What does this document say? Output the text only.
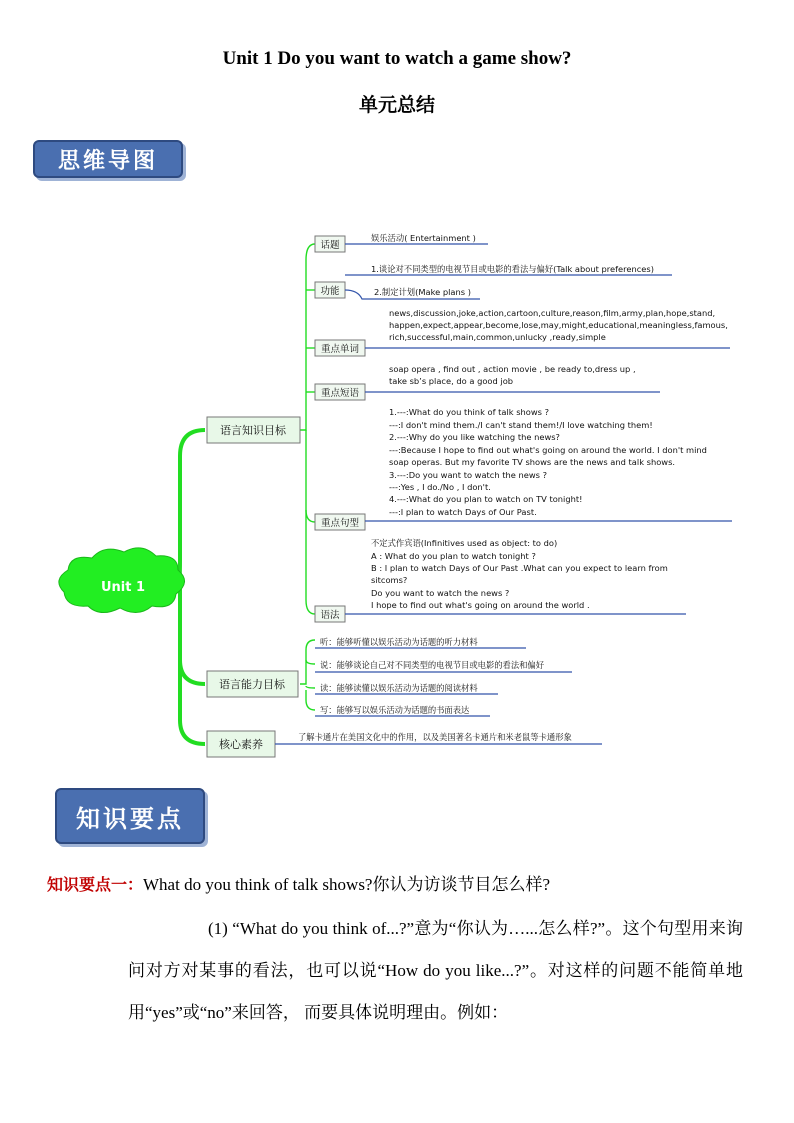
Unit 1 Do you want to watch a game show?
单元总结
思维导图
Unit 1
语言知识目标
语言能力目标
核心素养
话题
功能
重点单词
重点短语
重点句型
语法
娱乐活动( Entertainment )
1.谈论对不同类型的电视节目或电影的看法与偏好(Talk about preferences)
2.制定计划(Make plans )
news,discussion,joke,action,cartoon,culture,reason,film,army,plan,hope,stand,
happen,expect,appear,become,lose,may,might,educational,meaningless,famous,
rich,successful,main,common,unlucky ,ready,simple
soap opera , find out , action movie , be ready to,dress up ,
take sb’s place, do a good job
1.---:What do you think of talk shows ?
---:I don't mind them./I can't stand them!/I love watching them!
2.---:Why do you like watching the news?
---:Because I hope to find out what's going on around the world. I don't mind
soap operas. But my favorite TV shows are the news and talk shows.
3.---:Do you want to watch the news ?
---:Yes , I do./No , I don't.
4.---:What do you plan to watch on TV tonight!
---:I plan to watch Days of Our Past.
不定式作宾语(Infinitives used as object: to do)
A : What do you plan to watch tonight ?
B : I plan to watch Days of Our Past .What can you expect to learn from
sitcoms?
Do you want to watch the news ?
I hope to find out what's going on around the world .
听：能够听懂以娱乐活动为话题的听力材料
说：能够谈论自己对不同类型的电视节目或电影的看法和偏好
读：能够读懂以娱乐活动为话题的阅读材料
写：能够写以娱乐活动为话题的书面表达
了解卡通片在美国文化中的作用，以及美国著名卡通片和米老鼠等卡通形象
知识要点
知识要点一：What do you think of talk shows?你认为访谈节目怎么样?
(1) “What do you think of...?”意为“你认为…...怎么样?”。这个句型用来询问对方对某事的看法，也可以说“How do you like...?”。对这样的问题不能简单地用“yes”或“no”来回答， 而要具体说明理由。例如：
